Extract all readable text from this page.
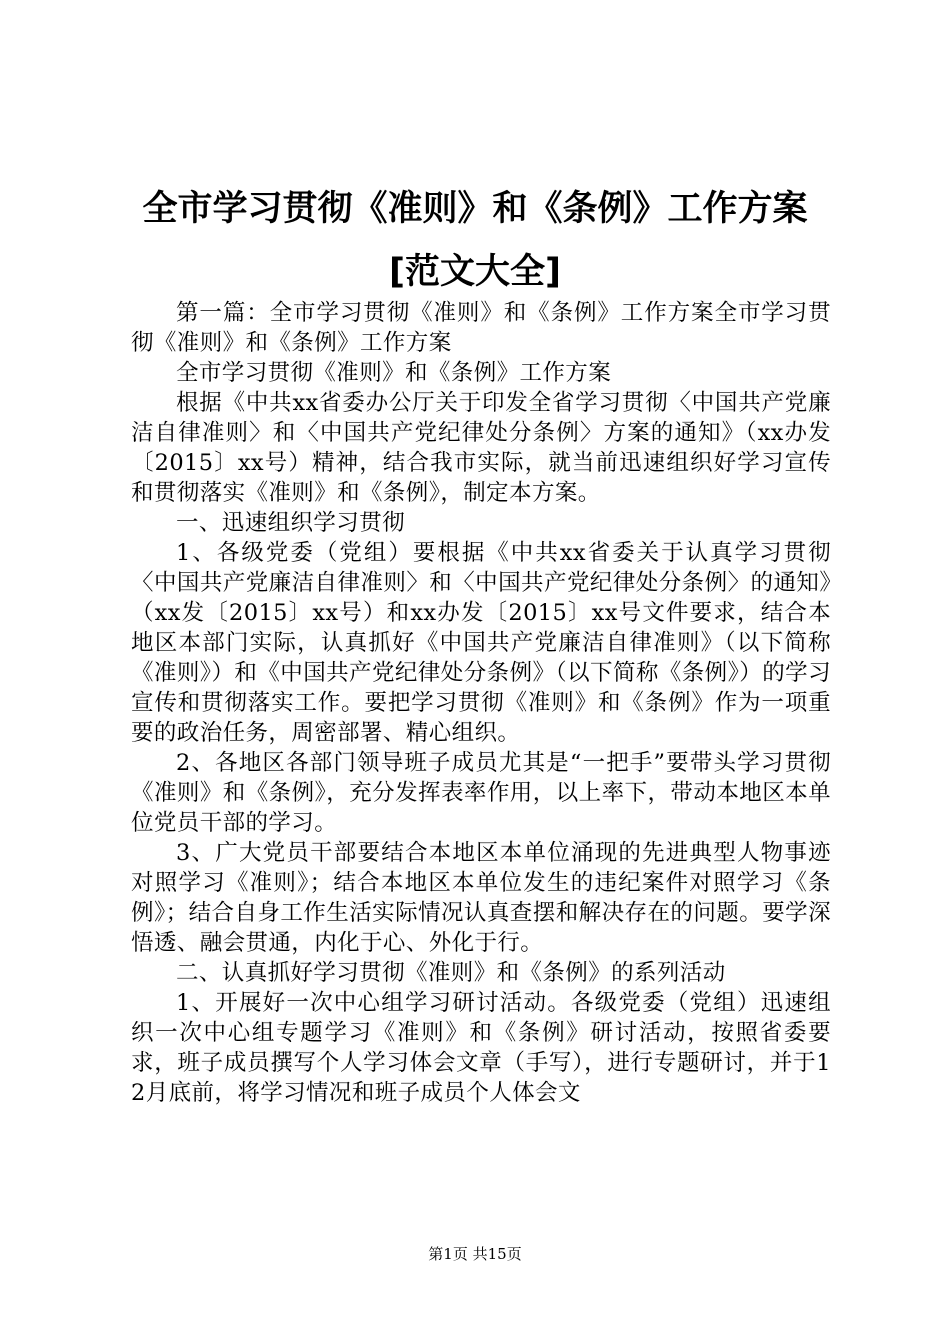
全市学习贯彻《准则》和《条例》工作方案
[范文大全]

第一篇：全市学习贯彻《准则》和《条例》工作方案全市学习贯彻《准则》和《条例》工作方案

全市学习贯彻《准则》和《条例》工作方案

根据《中共xx省委办公厅关于印发全省学习贯彻〈中国共产党廉洁自律准则〉和〈中国共产党纪律处分条例〉方案的通知》（xx办发〔2015〕xx号）精神，结合我市实际，就当前迅速组织好学习宣传和贯彻落实《准则》和《条例》，制定本方案。

一、迅速组织学习贯彻

1、各级党委（党组）要根据《中共xx省委关于认真学习贯彻〈中国共产党廉洁自律准则〉和〈中国共产党纪律处分条例〉的通知》（xx发〔2015〕xx号）和xx办发〔2015〕xx号文件要求，结合本地区本部门实际，认真抓好《中国共产党廉洁自律准则》（以下简称《准则》）和《中国共产党纪律处分条例》（以下简称《条例》）的学习宣传和贯彻落实工作。要把学习贯彻《准则》和《条例》作为一项重要的政治任务，周密部署、精心组织。

2、各地区各部门领导班子成员尤其是“一把手”要带头学习贯彻《准则》和《条例》，充分发挥表率作用，以上率下，带动本地区本单位党员干部的学习。

3、广大党员干部要结合本地区本单位涌现的先进典型人物事迹对照学习《准则》；结合本地区本单位发生的违纪案件对照学习《条例》；结合自身工作生活实际情况认真查摆和解决存在的问题。要学深悟透、融会贯通，内化于心、外化于行。

二、认真抓好学习贯彻《准则》和《条例》的系列活动

1、开展好一次中心组学习研讨活动。各级党委（党组）迅速组织一次中心组专题学习《准则》和《条例》研讨活动，按照省委要求，班子成员撰写个人学习体会文章（手写），进行专题研讨，并于12月底前，将学习情况和班子成员个人体会文

第1页 共15页
